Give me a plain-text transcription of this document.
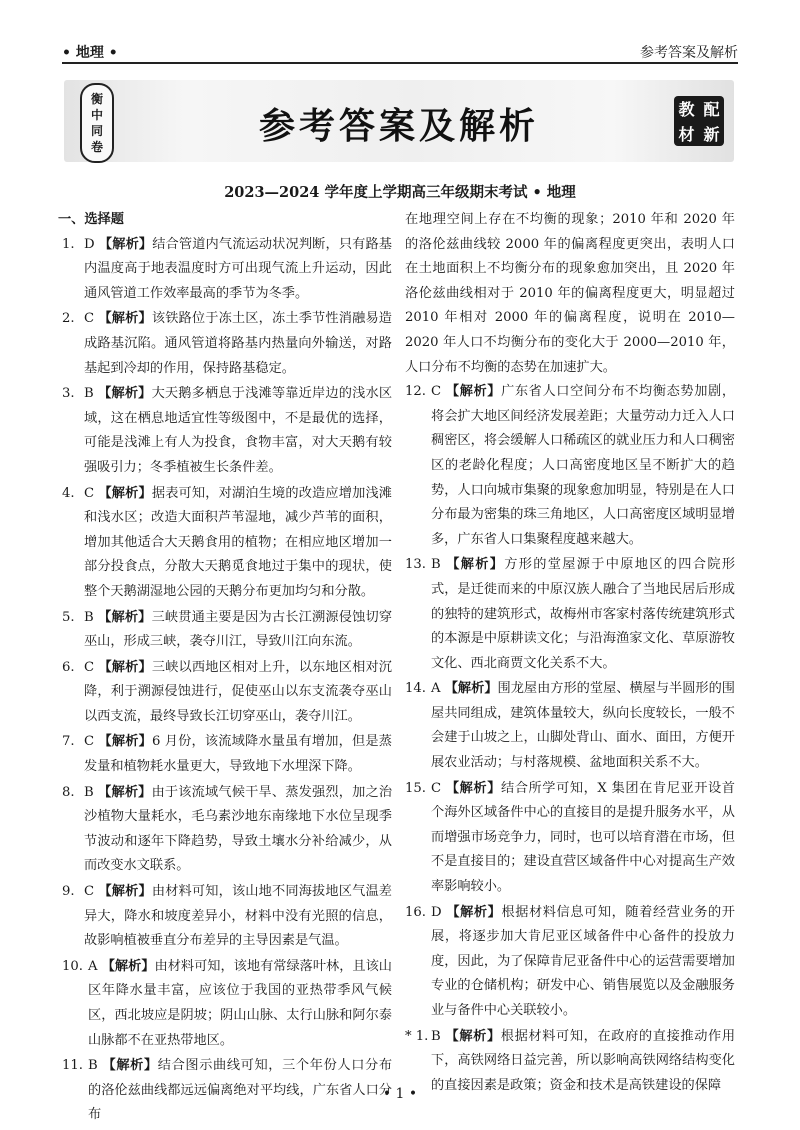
• 地理 •	参考答案及解析
衡
中
同
卷	参考答案及解析	教 配
材 新
2023—2024 学年度上学期高三年级期末考试 • 地理
一、选择题
1. D 【解析】结合管道内气流运动状况判断，只有路基内温度高于地表温度时方可出现气流上升运动，因此通风管道工作效率最高的季节为冬季。
2. C 【解析】该铁路位于冻土区，冻土季节性消融易造成路基沉陷。通风管道将路基内热量向外输送，对路基起到冷却的作用，保持路基稳定。
3. B 【解析】大天鹅多栖息于浅滩等靠近岸边的浅水区域，这在栖息地适宜性等级图中，不是最优的选择，可能是浅滩上有人为投食，食物丰富，对大天鹅有较强吸引力；冬季植被生长条件差。
4. C 【解析】据表可知，对湖泊生境的改造应增加浅滩和浅水区；改造大面积芦苇湿地，减少芦苇的面积，增加其他适合大天鹅食用的植物；在相应地区增加一部分投食点，分散大天鹅觅食地过于集中的现状，使整个天鹅湖湿地公园的天鹅分布更加均匀和分散。
5. B 【解析】三峡贯通主要是因为古长江溯源侵蚀切穿巫山，形成三峡，袭夺川江，导致川江向东流。
6. C 【解析】三峡以西地区相对上升，以东地区相对沉降，利于溯源侵蚀进行，促使巫山以东支流袭夺巫山以西支流，最终导致长江切穿巫山，袭夺川江。
7. C 【解析】6 月份，该流域降水量虽有增加，但是蒸发量和植物耗水量更大，导致地下水埋深下降。
8. B 【解析】由于该流域气候干旱、蒸发强烈，加之治沙植物大量耗水，毛乌素沙地东南缘地下水位呈现季节波动和逐年下降趋势，导致土壤水分补给减少，从而改变水文联系。
9. C 【解析】由材料可知，该山地不同海拔地区气温差异大，降水和坡度差异小，材料中没有光照的信息，故影响植被垂直分布差异的主导因素是气温。
10. A 【解析】由材料可知，该地有常绿落叶林，且该山区年降水量丰富，应该位于我国的亚热带季风气候区，西北坡应是阴坡；阴山山脉、太行山脉和阿尔泰山脉都不在亚热带地区。
11. B 【解析】结合图示曲线可知，三个年份人口分布的洛伦兹曲线都远远偏离绝对平均线，广东省人口分布
在地理空间上存在不均衡的现象；2010 年和 2020 年的洛伦兹曲线较 2000 年的偏离程度更突出，表明人口在土地面积上不均衡分布的现象愈加突出，且 2020 年洛伦兹曲线相对于 2010 年的偏离程度更大，明显超过 2010 年相对 2000 年的偏离程度，说明在 2010—2020 年人口不均衡分布的变化大于 2000—2010 年，人口分布不均衡的态势在加速扩大。
12. C 【解析】广东省人口空间分布不均衡态势加剧，将会扩大地区间经济发展差距；大量劳动力迁入人口稠密区，将会缓解人口稀疏区的就业压力和人口稠密区的老龄化程度；人口高密度地区呈不断扩大的趋势，人口向城市集聚的现象愈加明显，特别是在人口分布最为密集的珠三角地区，人口高密度区域明显增多，广东省人口集聚程度越来越大。
13. B 【解析】方形的堂屋源于中原地区的四合院形式，是迁徙而来的中原汉族人融合了当地民居后形成的独特的建筑形式，故梅州市客家村落传统建筑形式的本源是中原耕读文化；与沿海渔家文化、草原游牧文化、西北商贾文化关系不大。
14. A 【解析】围龙屋由方形的堂屋、横屋与半圆形的围屋共同组成，建筑体量较大，纵向长度较长，一般不会建于山坡之上，山脚处背山、面水、面田，方便开展农业活动；与村落规模、盆地面积关系不大。
15. C 【解析】结合所学可知，X 集团在肯尼亚开设首个海外区域备件中心的直接目的是提升服务水平，从而增强市场竞争力，同时，也可以培育潜在市场，但不是直接目的；建设直营区域备件中心对提高生产效率影响较小。
16. D 【解析】根据材料信息可知，随着经营业务的开展，将逐步加大肯尼亚区域备件中心备件的投放力度，因此，为了保障肯尼亚备件中心的运营需要增加专业的仓储机构；研发中心、销售展览以及金融服务业与备件中心关联较小。
* 1. B 【解析】根据材料可知，在政府的直接推动作用下，高铁网络日益完善，所以影响高铁网络结构变化的直接因素是政策；资金和技术是高铁建设的保障
• 1 •
